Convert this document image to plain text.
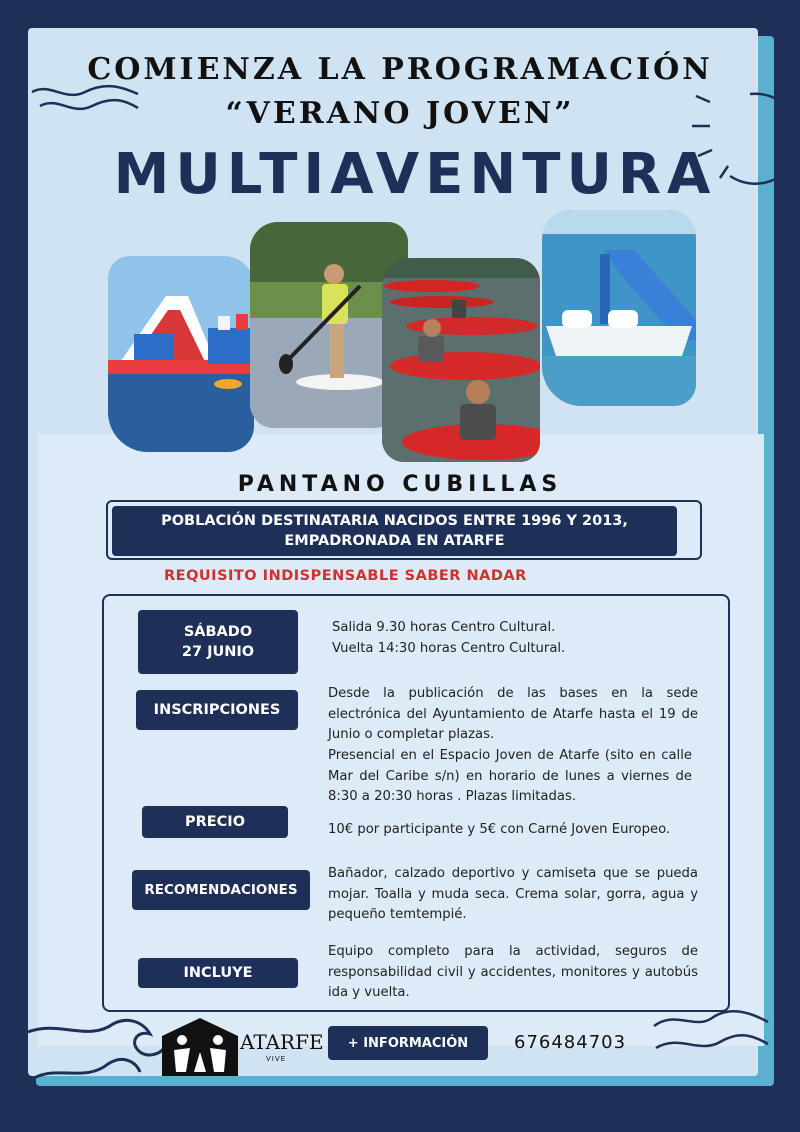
COMIENZA LA PROGRAMACIÓN
“VERANO JOVEN”
MULTIAVENTURA
PANTANO CUBILLAS
POBLACIÓN DESTINATARIA NACIDOS ENTRE 1996 Y 2013,
EMPADRONADA EN ATARFE

REQUISITO INDISPENSABLE SABER NADAR

SÁBADO
27 JUNIO

Salida 9.30 horas Centro Cultural.
Vuelta 14:30 horas Centro Cultural.

INSCRIPCIONES

Desde la publicación de las bases en la sede electrónica del Ayuntamiento de Atarfe hasta el 19 de Junio o completar plazas.

Presencial en el Espacio Joven de Atarfe (sito en calle Mar del Caribe s/n) en horario de lunes a viernes de 8:30 a 20:30 horas . Plazas limitadas.

PRECIO	10€ por participante y 5€ con Carné Joven Europeo.

RECOMENDACIONES

Bañador, calzado deportivo y camiseta que se pueda mojar. Toalla y muda seca. Crema solar, gorra, agua y pequeño temtempié.

INCLUYE

Equipo completo para la actividad, seguros de responsabilidad civil y accidentes, monitores y autobús ida y vuelta.

ATARFE
VIVE
+ INFORMACIÓN	676484703
